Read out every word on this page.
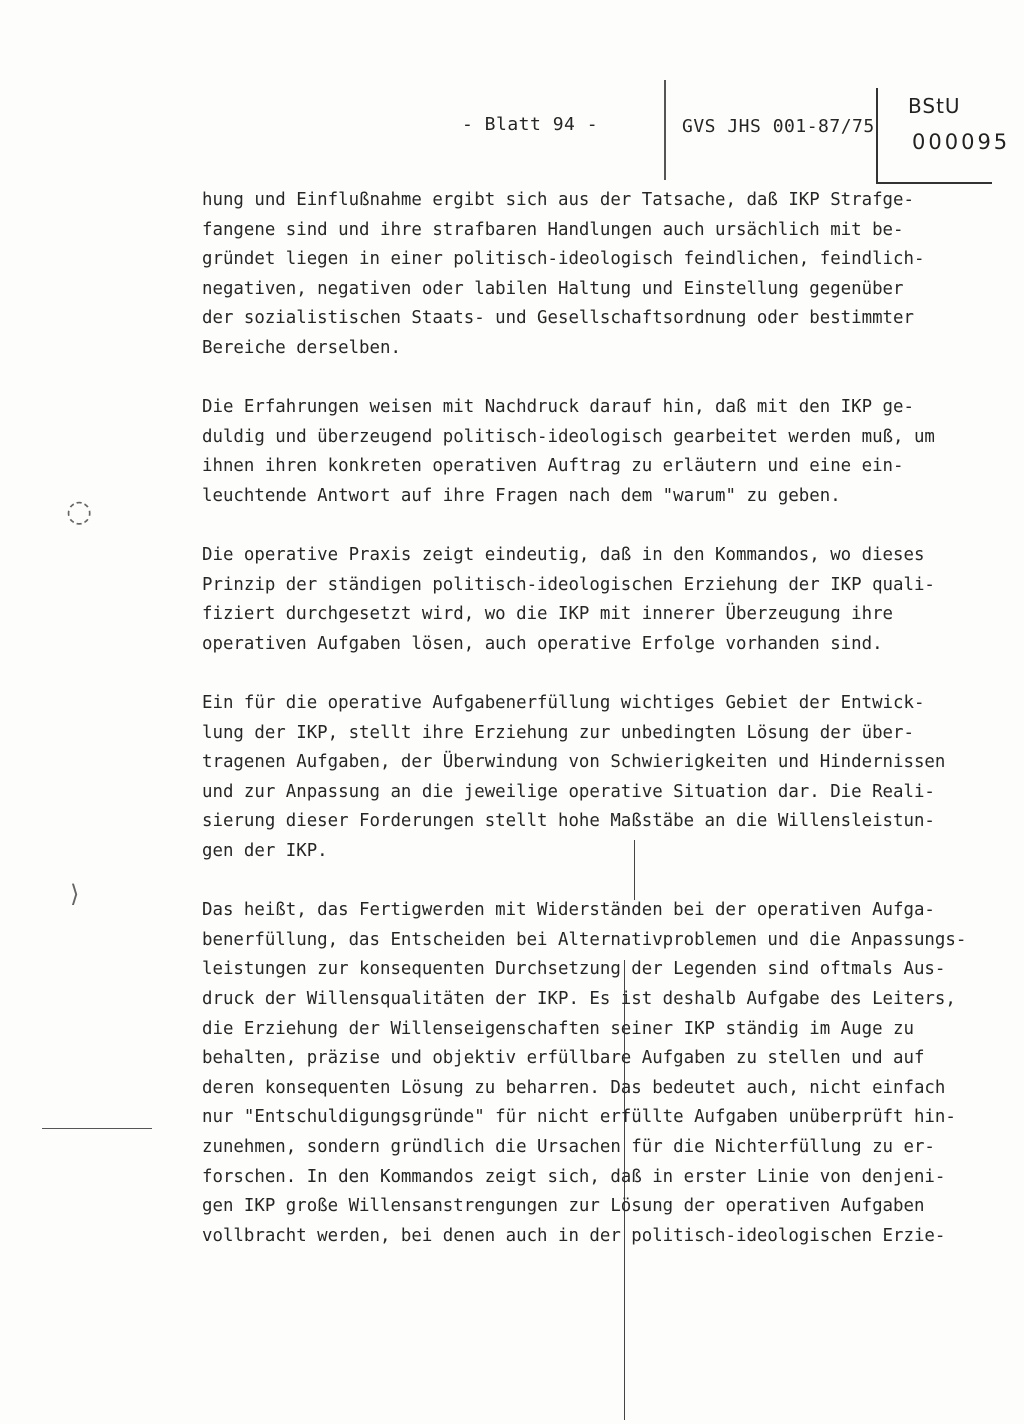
- Blatt 94 -	GVS JHS 001-87/75
BStU
000095
◌
⟩
hung und Einflußnahme ergibt sich aus der Tatsache, daß IKP Strafge-
fangene sind und ihre strafbaren Handlungen auch ursächlich mit be-
gründet liegen in einer politisch-ideologisch feindlichen, feindlich-
negativen, negativen oder labilen Haltung und Einstellung gegenüber
der sozialistischen Staats- und Gesellschaftsordnung oder bestimmter
Bereiche derselben.
Die Erfahrungen weisen mit Nachdruck darauf hin, daß mit den IKP ge-
duldig und überzeugend politisch-ideologisch gearbeitet werden muß, um
ihnen ihren konkreten operativen Auftrag zu erläutern und eine ein-
leuchtende Antwort auf ihre Fragen nach dem "warum" zu geben.
Die operative Praxis zeigt eindeutig, daß in den Kommandos, wo dieses
Prinzip der ständigen politisch-ideologischen Erziehung der IKP quali-
fiziert durchgesetzt wird, wo die IKP mit innerer Überzeugung ihre
operativen Aufgaben lösen, auch operative Erfolge vorhanden sind.
Ein für die operative Aufgabenerfüllung wichtiges Gebiet der Entwick-
lung der IKP, stellt ihre Erziehung zur unbedingten Lösung der über-
tragenen Aufgaben, der Überwindung von Schwierigkeiten und Hindernissen
und zur Anpassung an die jeweilige operative Situation dar. Die Reali-
sierung dieser Forderungen stellt hohe Maßstäbe an die Willensleistun-
gen der IKP.
Das heißt, das Fertigwerden mit Widerständen bei der operativen Aufga-
benerfüllung, das Entscheiden bei Alternativproblemen und die Anpassungs-
leistungen zur konsequenten Durchsetzung der Legenden sind oftmals Aus-
druck der Willensqualitäten der IKP. Es ist deshalb Aufgabe des Leiters,
die Erziehung der Willenseigenschaften seiner IKP ständig im Auge zu
behalten, präzise und objektiv erfüllbare Aufgaben zu stellen und auf
deren konsequenten Lösung zu beharren. Das bedeutet auch, nicht einfach
nur "Entschuldigungsgründe" für nicht erfüllte Aufgaben unüberprüft hin-
zunehmen, sondern gründlich die Ursachen für die Nichterfüllung zu er-
forschen. In den Kommandos zeigt sich, daß in erster Linie von denjeni-
gen IKP große Willensanstrengungen zur Lösung der operativen Aufgaben
vollbracht werden, bei denen auch in der politisch-ideologischen Erzie-
